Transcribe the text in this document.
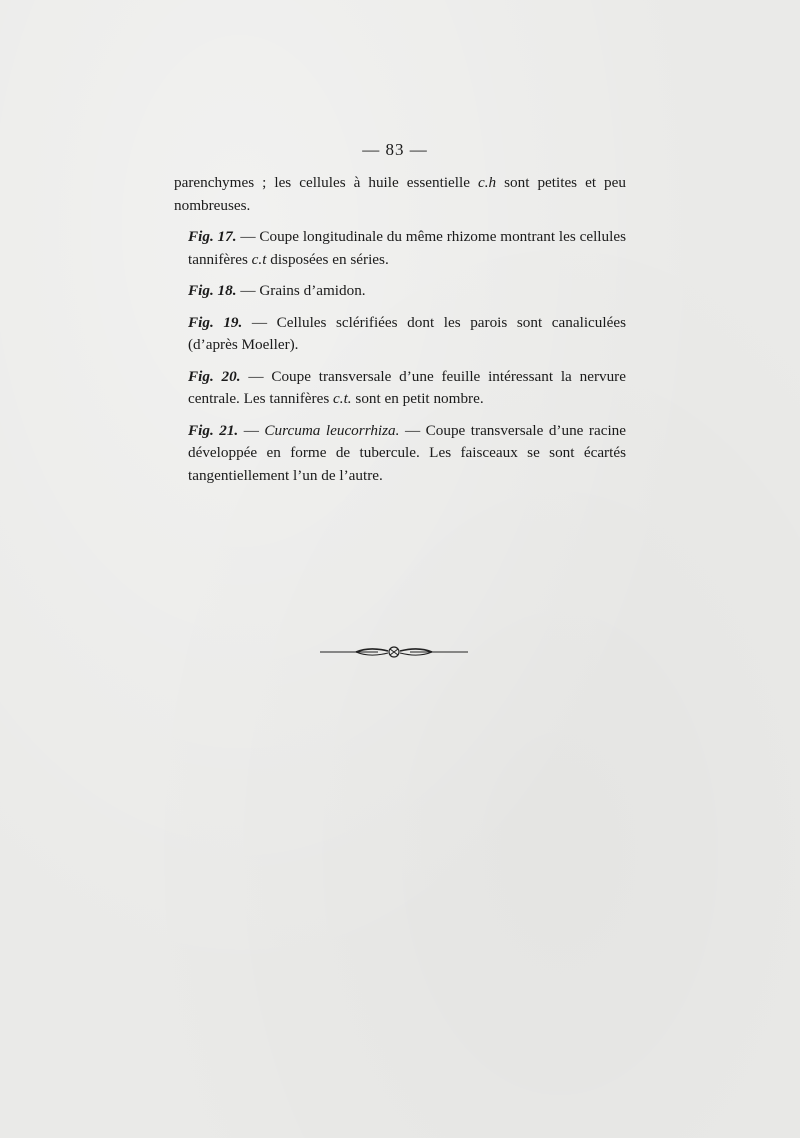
— 83 —

parenchymes ; les cellules à huile essentielle c.h sont petites et peu nombreuses.

Fig. 17. — Coupe longitudinale du même rhizome montrant les cellules tannifères c.t disposées en séries.

Fig. 18. — Grains d’amidon.

Fig. 19. — Cellules sclérifiées dont les parois sont canaliculées (d’après Moeller).

Fig. 20. — Coupe transversale d’une feuille intéressant la nervure centrale. Les tannifères c.t. sont en petit nombre.

Fig. 21. — Curcuma leucorrhiza. — Coupe transversale d’une racine développée en forme de tubercule. Les faisceaux se sont écartés tangentiellement l’un de l’autre.
